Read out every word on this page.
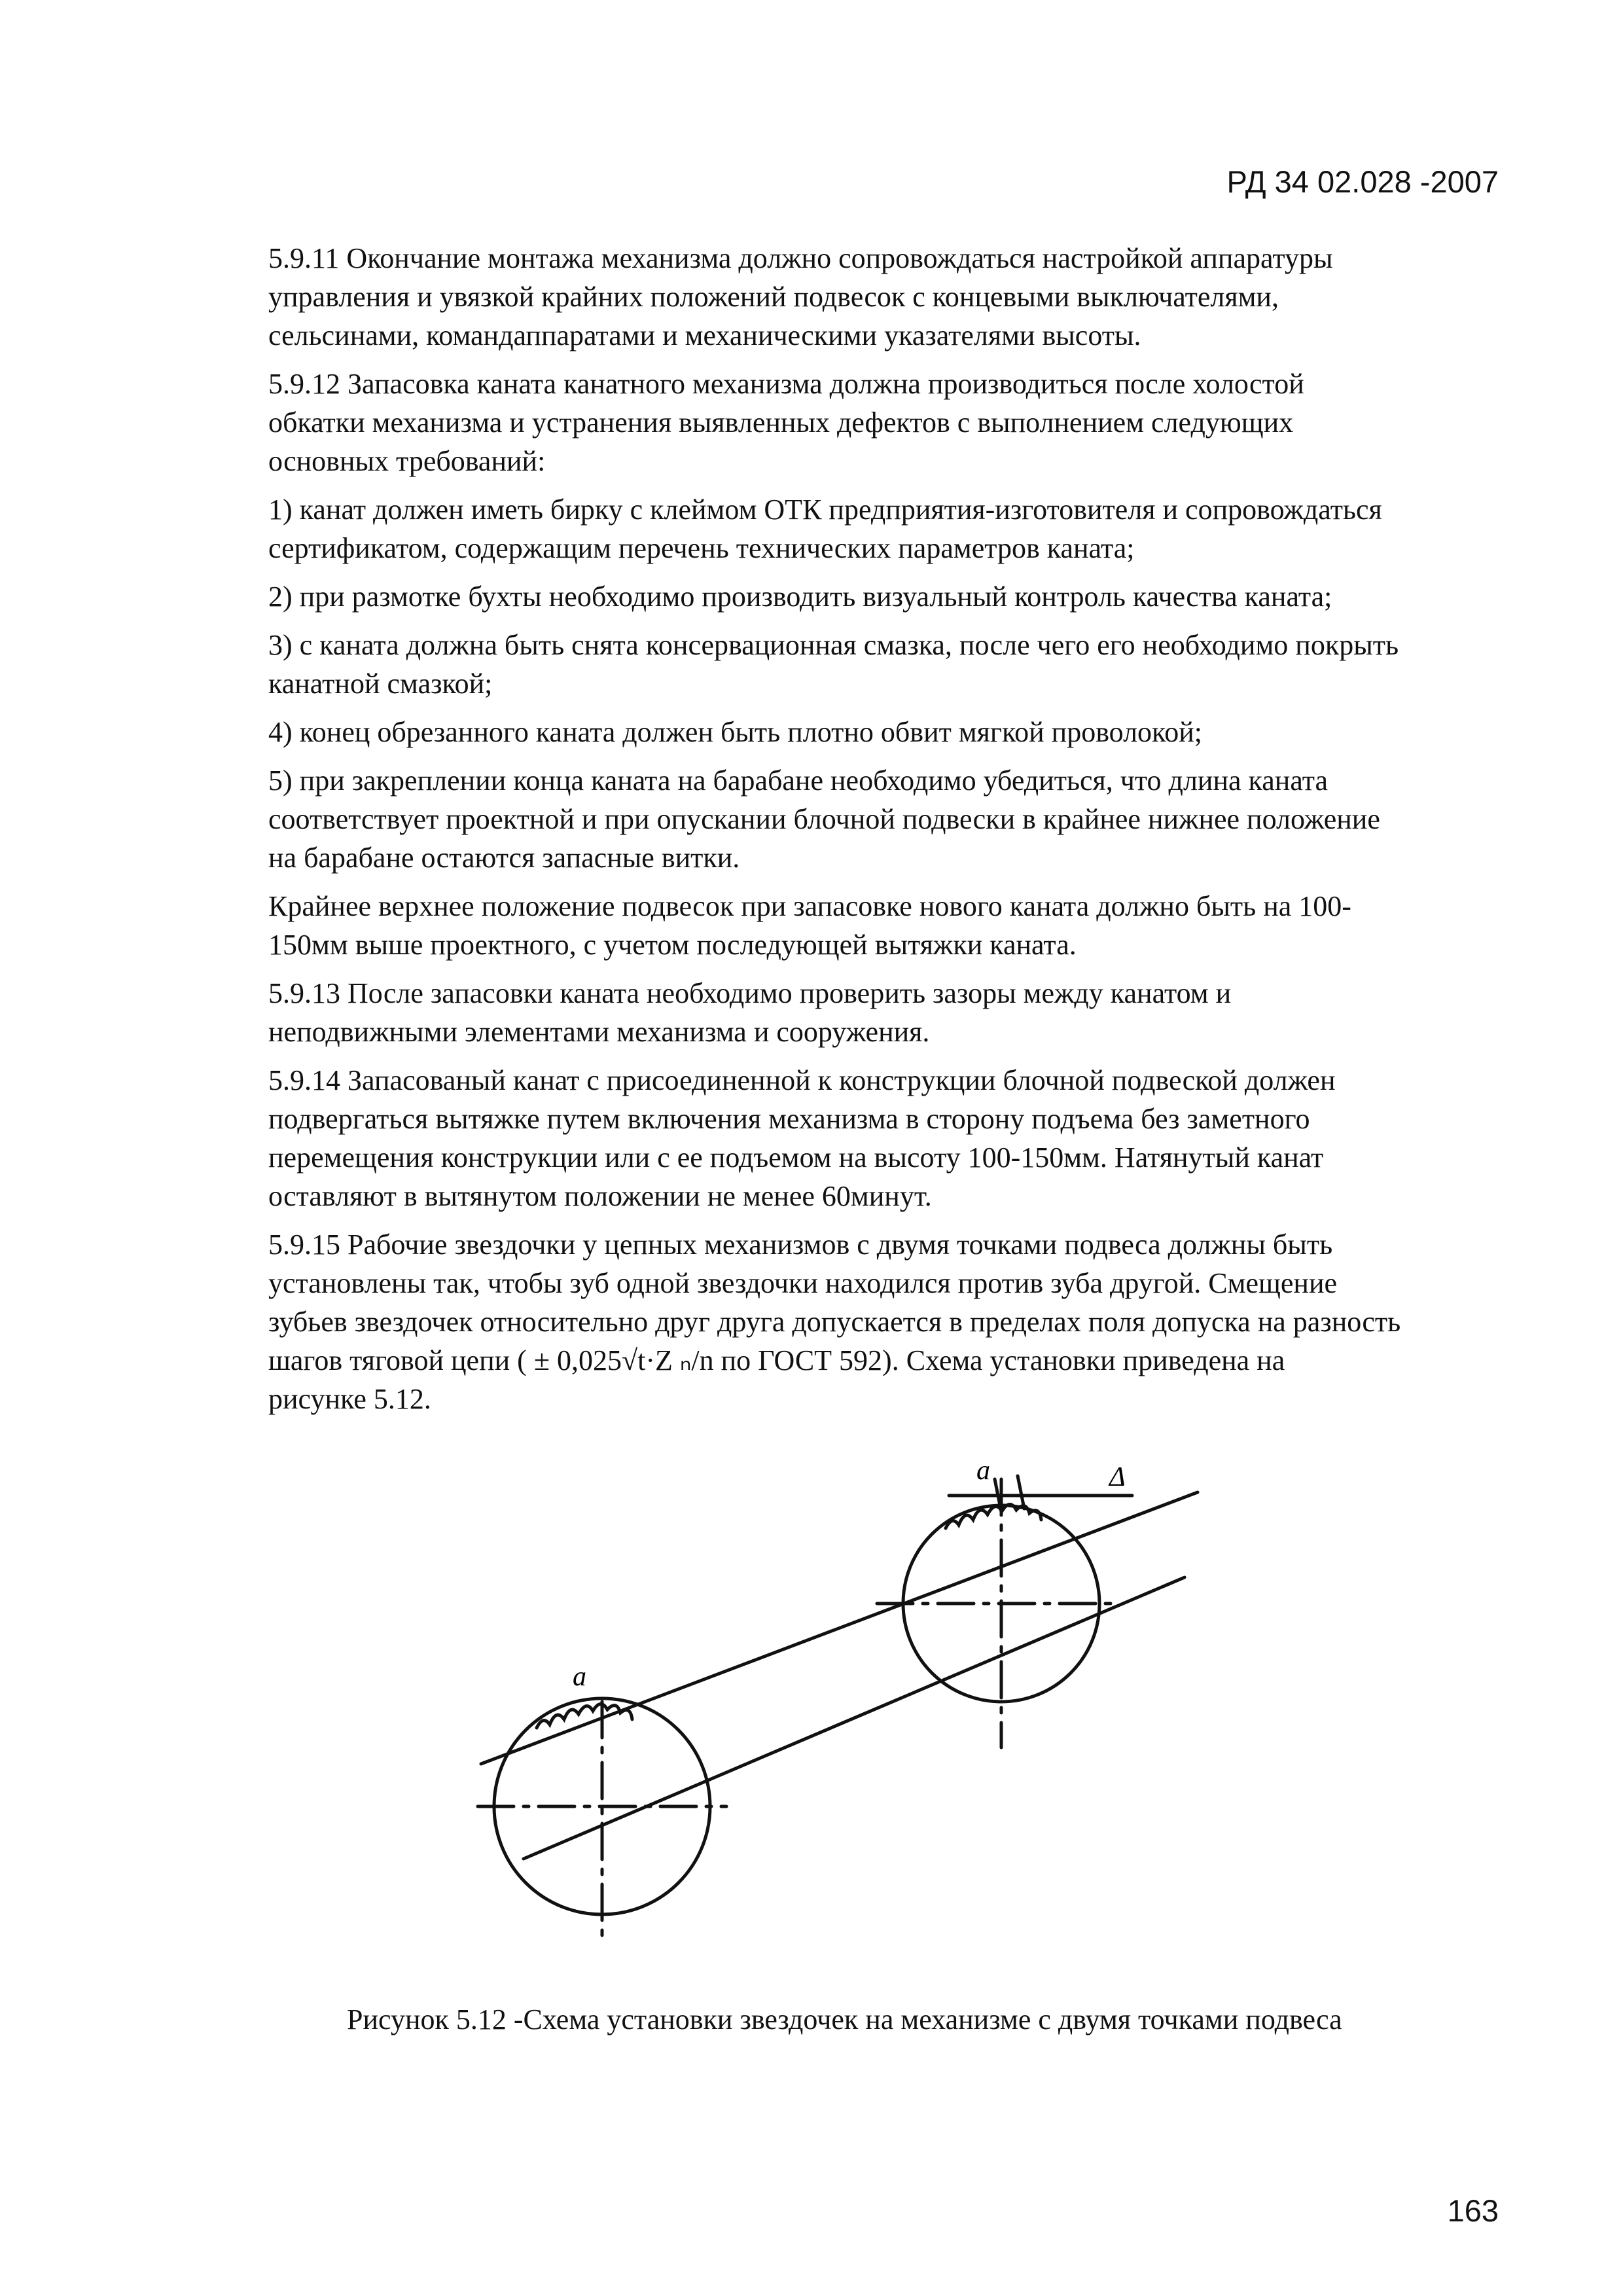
РД 34 02.028 -2007

5.9.11 Окончание монтажа механизма должно сопровождаться настройкой аппаратуры
управления и увязкой крайних положений подвесок с концевыми выключателями,
сельсинами, командаппаратами и механическими указателями высоты.

5.9.12 Запасовка каната канатного механизма должна производиться после холостой
обкатки механизма и устранения выявленных дефектов с выполнением следующих
основных требований:

1) канат должен иметь бирку с клеймом ОТК предприятия-изготовителя и сопровождаться
сертификатом, содержащим перечень технических параметров каната;

2) при размотке бухты необходимо производить визуальный контроль качества каната;

3) с каната должна быть снята консервационная смазка, после чего его необходимо покрыть
канатной смазкой;

4) конец обрезанного каната должен быть плотно обвит мягкой проволокой;

5) при закреплении конца каната на барабане необходимо убедиться, что длина каната
соответствует проектной и при опускании блочной подвески в крайнее нижнее положение
на барабане остаются запасные витки.

Крайнее верхнее положение подвесок при запасовке нового каната должно быть на 100-
150мм выше проектного, с учетом последующей вытяжки каната.

5.9.13 После запасовки каната необходимо проверить зазоры между канатом и
неподвижными элементами механизма и сооружения.

5.9.14 Запасованый канат с присоединенной к конструкции блочной подвеской должен
подвергаться вытяжке путем включения механизма в сторону подъема без заметного
перемещения конструкции или с ее подъемом на высоту 100-150мм. Натянутый канат
оставляют в вытянутом положении не менее 60минут.

5.9.15 Рабочие звездочки у цепных механизмов с двумя точками подвеса должны быть
установлены так, чтобы зуб одной звездочки находился против зуба другой. Смещение
зубьев звездочек относительно друг друга допускается в пределах поля допуска на разность
шагов тяговой цепи ( ± 0,025√t·Z ₙ/n по ГОСТ 592). Схема установки приведена на
рисунке 5.12.

a	Δ
a
Рисунок 5.12 -Схема установки звездочек на механизме с двумя точками подвеса
163
